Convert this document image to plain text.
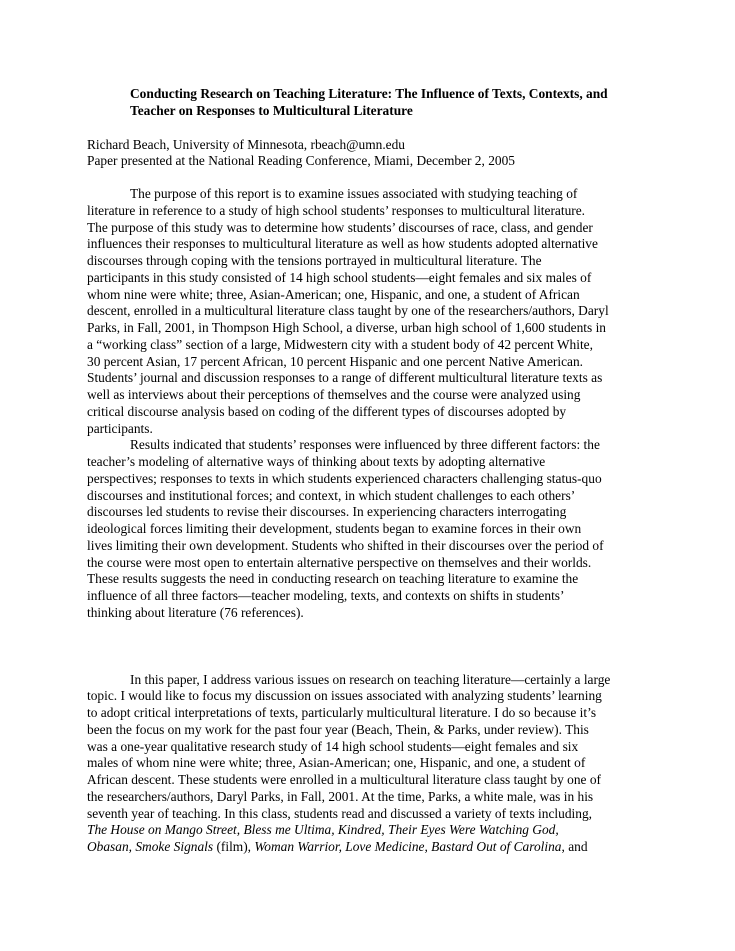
Conducting Research on Teaching Literature: The Influence of Texts, Contexts, and
Teacher on Responses to Multicultural Literature
Richard Beach, University of Minnesota, rbeach@umn.edu
Paper presented at the National Reading Conference, Miami, December 2, 2005
The purpose of this report is to examine issues associated with studying teaching of
literature in reference to a study of high school students’ responses to multicultural literature.
The purpose of this study was to determine how students’ discourses of race, class, and gender
influences their responses to multicultural literature as well as how students adopted alternative
discourses through coping with the tensions portrayed in multicultural literature. The
participants in this study consisted of 14 high school students—eight females and six males of
whom nine were white; three, Asian-American; one, Hispanic, and one, a student of African
descent, enrolled in a multicultural literature class taught by one of the researchers/authors, Daryl
Parks, in Fall, 2001, in Thompson High School, a diverse, urban high school of 1,600 students in
a “working class” section of a large, Midwestern city with a student body of 42 percent White,
30 percent Asian, 17 percent African, 10 percent Hispanic and one percent Native American.
Students’ journal and discussion responses to a range of different multicultural literature texts as
well as interviews about their perceptions of themselves and the course were analyzed using
critical discourse analysis based on coding of the different types of discourses adopted by
participants.
Results indicated that students’ responses were influenced by three different factors: the
teacher’s modeling of alternative ways of thinking about texts by adopting alternative
perspectives; responses to texts in which students experienced characters challenging status-quo
discourses and institutional forces; and context, in which student challenges to each others’
discourses led students to revise their discourses. In experiencing characters interrogating
ideological forces limiting their development, students began to examine forces in their own
lives limiting their own development. Students who shifted in their discourses over the period of
the course were most open to entertain alternative perspective on themselves and their worlds.
These results suggests the need in conducting research on teaching literature to examine the
influence of all three factors—teacher modeling, texts, and contexts on shifts in students’
thinking about literature (76 references).
In this paper, I address various issues on research on teaching literature—certainly a large
topic. I would like to focus my discussion on issues associated with analyzing students’ learning
to adopt critical interpretations of texts, particularly multicultural literature. I do so because it’s
been the focus on my work for the past four year (Beach, Thein, & Parks, under review). This
was a one-year qualitative research study of 14 high school students—eight females and six
males of whom nine were white; three, Asian-American; one, Hispanic, and one, a student of
African descent. These students were enrolled in a multicultural literature class taught by one of
the researchers/authors, Daryl Parks, in Fall, 2001. At the time, Parks, a white male, was in his
seventh year of teaching. In this class, students read and discussed a variety of texts including,
The House on Mango Street, Bless me Ultima, Kindred, Their Eyes Were Watching God,
Obasan, Smoke Signals (film), Woman Warrior, Love Medicine, Bastard Out of Carolina, and
